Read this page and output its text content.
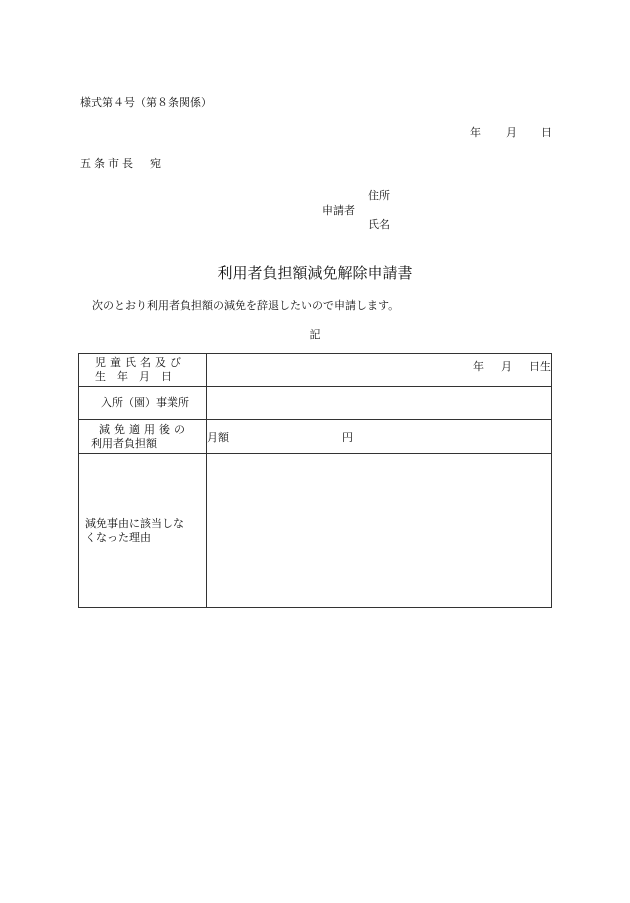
様式第４号（第８条関係）
年 月 日
五条市長　宛
住所
申請者
氏名
利用者負担額減免解除申請書
次のとおり利用者負担額の減免を辞退したいので申請します。
記
児童氏名及び
生　年　月　日	年 月 日生

入所（園）事業所	

減免適用後の
利用者負担額	月額 円

減免事由に該当しな
くなった理由	
